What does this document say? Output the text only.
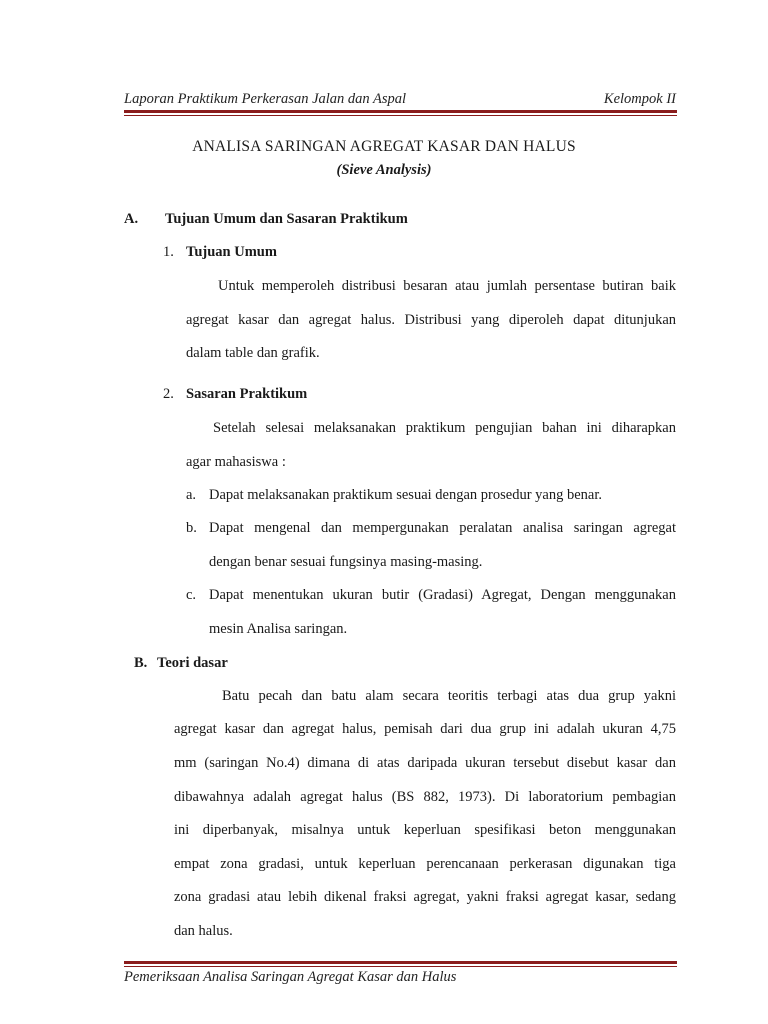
Laporan Praktikum Perkerasan Jalan dan Aspal	Kelompok II
ANALISA SARINGAN AGREGAT KASAR DAN HALUS
(Sieve Analysis)
A. Tujuan Umum dan Sasaran Praktikum
1. Tujuan Umum
Untuk memperoleh distribusi besaran atau jumlah persentase butiran baik
agregat kasar dan agregat halus. Distribusi yang diperoleh dapat ditunjukan
dalam table dan grafik.
2. Sasaran Praktikum
Setelah selesai melaksanakan praktikum pengujian bahan ini diharapkan
agar mahasiswa :
a. Dapat melaksanakan praktikum sesuai dengan prosedur yang benar.
b. Dapat mengenal dan mempergunakan peralatan analisa saringan agregat
dengan benar sesuai fungsinya masing-masing.
c. Dapat menentukan ukuran butir (Gradasi) Agregat, Dengan menggunakan
mesin Analisa saringan.
B. Teori dasar
Batu pecah dan batu alam secara teoritis terbagi atas dua grup yakni
agregat kasar dan agregat halus, pemisah dari dua grup ini adalah ukuran 4,75
mm (saringan No.4) dimana di atas daripada ukuran tersebut disebut kasar dan
dibawahnya adalah agregat halus (BS 882, 1973). Di laboratorium pembagian
ini diperbanyak, misalnya untuk keperluan spesifikasi beton menggunakan
empat zona gradasi, untuk keperluan perencanaan perkerasan digunakan tiga
zona gradasi atau lebih dikenal fraksi agregat, yakni fraksi agregat kasar, sedang
dan halus.
Pemeriksaan Analisa Saringan Agregat Kasar dan Halus
